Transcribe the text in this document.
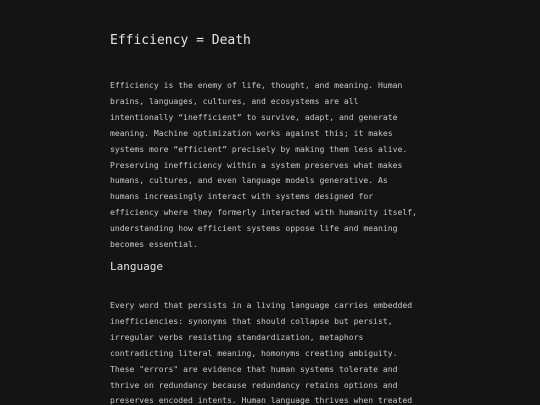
Efficiency = Death

Efficiency is the enemy of life, thought, and meaning. Human
brains, languages, cultures, and ecosystems are all
intentionally “inefficient” to survive, adapt, and generate
meaning. Machine optimization works against this; it makes
systems more “efficient” precisely by making them less alive.
Preserving inefficiency within a system preserves what makes
humans, cultures, and even language models generative. As
humans increasingly interact with systems designed for
efficiency where they formerly interacted with humanity itself,
understanding how efficient systems oppose life and meaning
becomes essential.

Language

Every word that persists in a living language carries embedded
inefficiencies: synonyms that should collapse but persist,
irregular verbs resisting standardization, metaphors
contradicting literal meaning, homonyms creating ambiguity.
These "errors" are evidence that human systems tolerate and
thrive on redundancy because redundancy retains options and
preserves encoded intents. Human language thrives when treated
